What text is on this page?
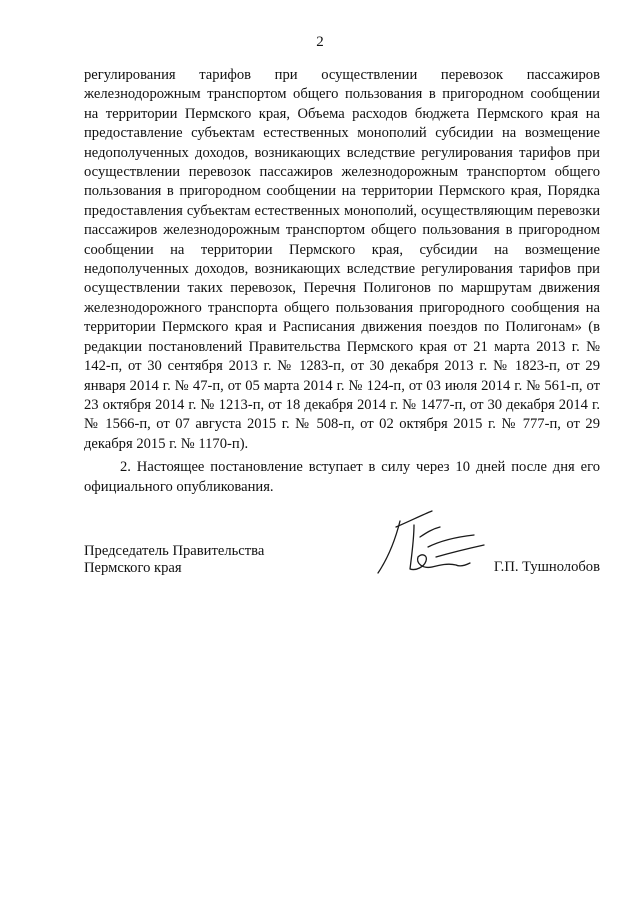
2

регулирования тарифов при осуществлении перевозок пассажиров железнодорожным транспортом общего пользования в пригородном сообщении на территории Пермского края, Объема расходов бюджета Пермского края на предоставление субъектам естественных монополий субсидии на возмещение недополученных доходов, возникающих вследствие регулирования тарифов при осуществлении перевозок пассажиров железнодорожным транспортом общего пользования в пригородном сообщении на территории Пермского края, Порядка предоставления субъектам естественных монополий, осуществляющим перевозки пассажиров железнодорожным транспортом общего пользования в пригородном сообщении на территории Пермского края, субсидии на возмещение недополученных доходов, возникающих вследствие регулирования тарифов при осуществлении таких перевозок, Перечня Полигонов по маршрутам движения железнодорожного транспорта общего пользования пригородного сообщения на территории Пермского края и Расписания движения поездов по Полигонам» (в редакции постановлений Правительства Пермского края от 21 марта 2013 г. № 142-п, от 30 сентября 2013 г. № 1283-п, от 30 декабря 2013 г. № 1823-п, от 29 января 2014 г. № 47-п, от 05 марта 2014 г. № 124-п, от 03 июля 2014 г. № 561-п, от 23 октября 2014 г. № 1213-п, от 18 декабря 2014 г. № 1477-п, от 30 декабря 2014 г. № 1566-п, от 07 августа 2015 г. № 508-п, от 02 октября 2015 г. № 777-п, от 29 декабря 2015 г. № 1170-п).

2. Настоящее постановление вступает в силу через 10 дней после дня его официального опубликования.

Председатель Правительства
Пермского края	Г.П. Тушнолобов
